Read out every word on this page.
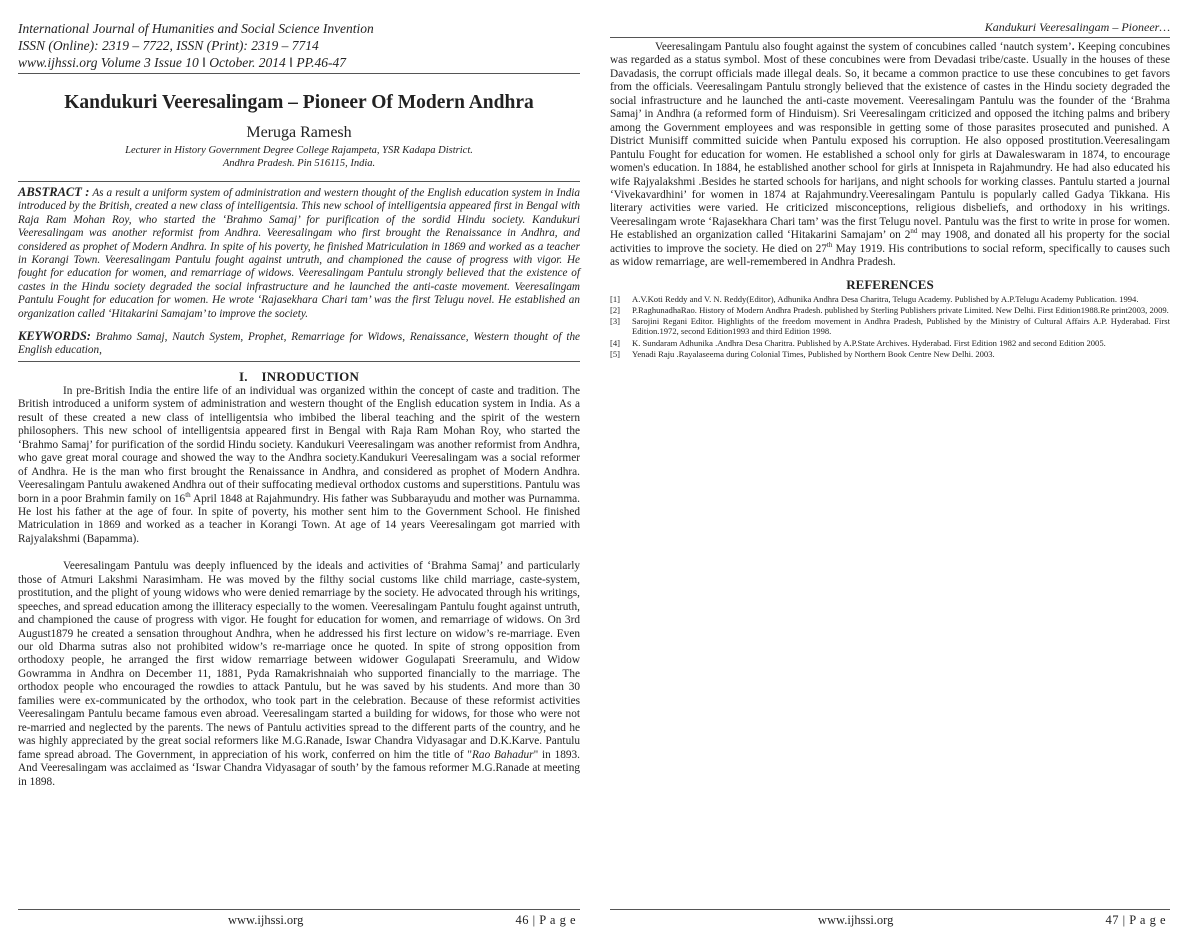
International Journal of Humanities and Social Science Invention
ISSN (Online): 2319 – 7722, ISSN (Print): 2319 – 7714
www.ijhssi.org Volume 3 Issue 10 ǁ October. 2014 ǁ PP.46-47
Kandukuri Veeresalingam – Pioneer Of Modern Andhra
Meruga Ramesh
Lecturer in History Government Degree College Rajampeta, YSR Kadapa District.
Andhra Pradesh. Pin 516115, India.
ABSTRACT : As a result a uniform system of administration and western thought of the English education system in India introduced by the British, created a new class of intelligentsia. This new school of intelligentsia appeared first in Bengal with Raja Ram Mohan Roy, who started the ‘Brahmo Samaj’ for purification of the sordid Hindu society. Kandukuri Veeresalingam was another reformist from Andhra. Veeresalingam who first brought the Renaissance in Andhra, and considered as prophet of Modern Andhra. In spite of his poverty, he finished Matriculation in 1869 and worked as a teacher in Korangi Town. Veeresalingam Pantulu fought against untruth, and championed the cause of progress with vigor. He fought for education for women, and remarriage of widows. Veeresalingam Pantulu strongly believed that the existence of castes in the Hindu society degraded the social infrastructure and he launched the anti-caste movement. Veeresalingam Pantulu Fought for education for women. He wrote ‘Rajasekhara Chari tam’ was the first Telugu novel. He established an organization called ‘Hitakarini Samajam’ to improve the society.
KEYWORDS: Brahmo Samaj, Nautch System, Prophet, Remarriage for Widows, Renaissance, Western thought of the English education,
I. INRODUCTION

In pre-British India the entire life of an individual was organized within the concept of caste and tradition. The British introduced a uniform system of administration and western thought of the English education system in India. As a result of these created a new class of intelligentsia who imbibed the liberal teaching and the spirit of the western philosophers. This new school of intelligentsia appeared first in Bengal with Raja Ram Mohan Roy, who started the ‘Brahmo Samaj’ for purification of the sordid Hindu society. Kandukuri Veeresalingam was another reformist from Andhra, who gave great moral courage and showed the way to the Andhra society.Kandukuri Veeresalingam was a social reformer of Andhra. He is the man who first brought the Renaissance in Andhra, and considered as prophet of Modern Andhra. Veeresalingam Pantulu awakened Andhra out of their suffocating medieval orthodox customs and superstitions. Pantulu was born in a poor Brahmin family on 16th April 1848 at Rajahmundry. His father was Subbarayudu and mother was Purnamma. He lost his father at the age of four. In spite of poverty, his mother sent him to the Government School. He finished Matriculation in 1869 and worked as a teacher in Korangi Town. At age of 14 years Veeresalingam got married with Rajyalakshmi (Bapamma).

Veeresalingam Pantulu was deeply influenced by the ideals and activities of ‘Brahma Samaj’ and particularly those of Atmuri Lakshmi Narasimham. He was moved by the filthy social customs like child marriage, caste-system, prostitution, and the plight of young widows who were denied remarriage by the society. He advocated through his writings, speeches, and spread education among the illiteracy especially to the women. Veeresalingam Pantulu fought against untruth, and championed the cause of progress with vigor. He fought for education for women, and remarriage of widows. On 3rd August1879 he created a sensation throughout Andhra, when he addressed his first lecture on widow’s re-marriage. Even our old Dharma sutras also not prohibited widow’s re-marriage once he quoted. In spite of strong opposition from orthodoxy people, he arranged the first widow remarriage between widower Gogulapati Sreeramulu, and Widow Gowramma in Andhra on December 11, 1881, Pyda Ramakrishnaiah who supported financially to the marriage. The orthodox people who encouraged the rowdies to attack Pantulu, but he was saved by his students. And more than 30 families were ex-communicated by the orthodox, who took part in the celebration. Because of these reformist activities Veeresalingam Pantulu became famous even abroad. Veeresalingam started a building for widows, for those who were not re-married and neglected by the parents. The news of Pantulu activities spread to the different parts of the country, and he was highly appreciated by the great social reformers like M.G.Ranade, Iswar Chandra Vidyasagar and D.K.Karve. Pantulu fame spread abroad. The Government, in appreciation of his work, conferred on him the title of "Rao Bahadur" in 1893. And Veeresalingam was acclaimed as ‘Iswar Chandra Vidyasagar of south’ by the famous reformer M.G.Ranade at meeting in 1898.

www.ijhssi.org	46 | P a g e
Kandukuri Veeresalingam – Pioneer…

Veeresalingam Pantulu also fought against the system of concubines called ‘nautch system’. Keeping concubines was regarded as a status symbol. Most of these concubines were from Devadasi tribe/caste. Usually in the houses of these Davadasis, the corrupt officials made illegal deals. So, it became a common practice to use these concubines to get favors from the officials. Veeresalingam Pantulu strongly believed that the existence of castes in the Hindu society degraded the social infrastructure and he launched the anti-caste movement. Veeresalingam Pantulu was the founder of the ‘Brahma Samaj’ in Andhra (a reformed form of Hinduism). Sri Veeresalingam criticized and opposed the itching palms and bribery among the Government employees and was responsible in getting some of those parasites prosecuted and punished. A District Munisiff committed suicide when Pantulu exposed his corruption. He also opposed prostitution.Veeresalingam Pantulu Fought for education for women. He established a school only for girls at Dawaleswaram in 1874, to encourage women's education. In 1884, he established another school for girls at Innispeta in Rajahmundry. He had also educated his wife Rajyalakshmi .Besides he started schools for harijans, and night schools for working classes. Pantulu started a journal ‘Vivekavardhini’ for women in 1874 at Rajahmundry.Veeresalingam Pantulu is popularly called Gadya Tikkana. His literary activities were varied. He criticized misconceptions, religious disbeliefs, and orthodoxy in his writings. Veeresalingam wrote ‘Rajasekhara Chari tam’ was the first Telugu novel. Pantulu was the first to write in prose for women. He established an organization called ‘Hitakarini Samajam’ on 2nd may 1908, and donated all his property for the social activities to improve the society. He died on 27th May 1919. His contributions to social reform, specifically to causes such as widow remarriage, are well-remembered in Andhra Pradesh.

REFERENCES
[1]	A.V.Koti Reddy and V. N. Reddy(Editor), Adhunika Andhra Desa Charitra, Telugu Academy. Published by A.P.Telugu Academy Publication. 1994.
[2]	P.RaghunadhaRao. History of Modern Andhra Pradesh. published by Sterling Publishers private Limited. New Delhi. First Edition1988.Re print2003, 2009.
[3]	Sarojini Regani Editor. Highlights of the freedom movement in Andhra Pradesh, Published by the Ministry of Cultural Affairs A.P. Hyderabad. First Edition.1972, second Edition1993 and third Edition 1998.
[4]	K. Sundaram Adhunika .Andhra Desa Charitra. Published by A.P.State Archives. Hyderabad. First Edition 1982 and second Edition 2005.
[5]	Yenadi Raju .Rayalaseema during Colonial Times, Published by Northern Book Centre New Delhi. 2003.
www.ijhssi.org	47 | P a g e
